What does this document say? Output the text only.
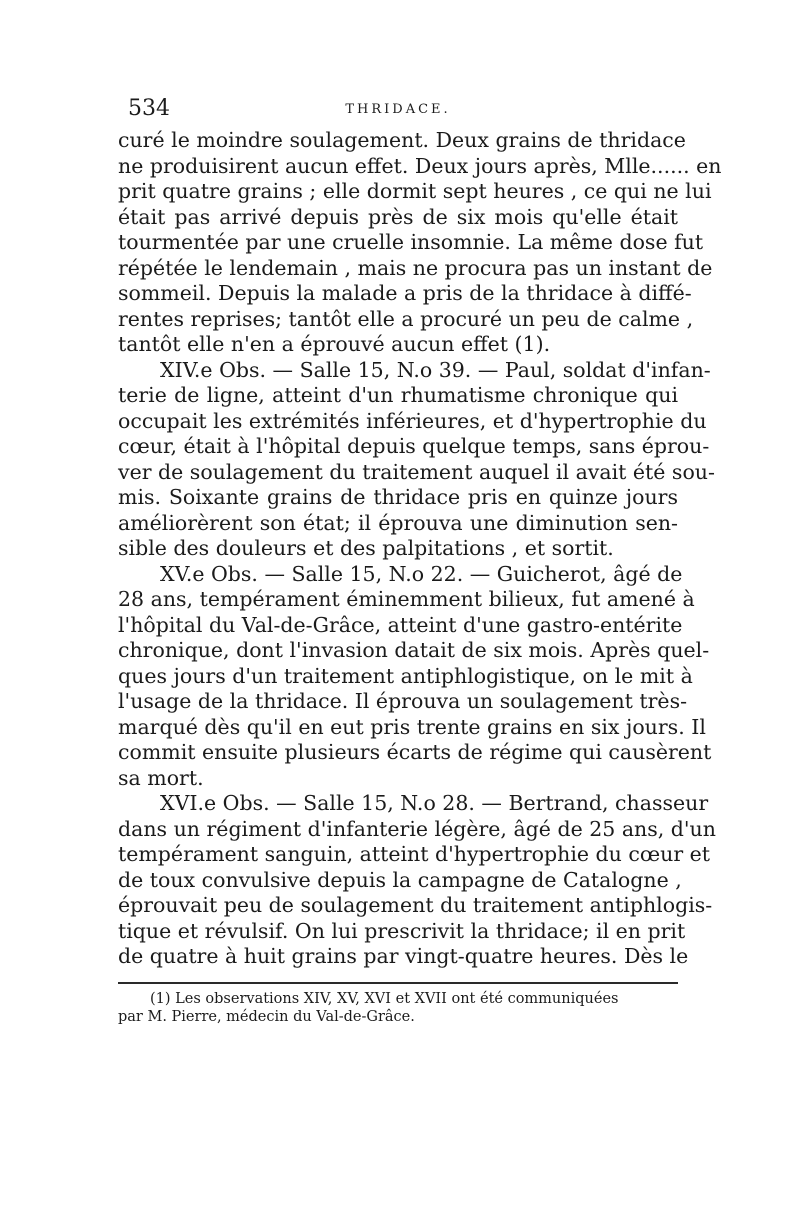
534	THRIDACE.
curé le moindre soulagement. Deux grains de thridace
ne produisirent aucun effet. Deux jours après, Mlle...... en
prit quatre grains ; elle dormit sept heures , ce qui ne lui
était pas arrivé depuis près de six mois qu'elle était
tourmentée par une cruelle insomnie. La même dose fut
répétée le lendemain , mais ne procura pas un instant de
sommeil. Depuis la malade a pris de la thridace à diffé-
rentes reprises; tantôt elle a procuré un peu de calme ,
tantôt elle n'en a éprouvé aucun effet (1).
XIV.e Obs. — Salle 15, N.o 39. — Paul, soldat d'infan-
terie de ligne, atteint d'un rhumatisme chronique qui
occupait les extrémités inférieures, et d'hypertrophie du
cœur, était à l'hôpital depuis quelque temps, sans éprou-
ver de soulagement du traitement auquel il avait été sou-
mis. Soixante grains de thridace pris en quinze jours
améliorèrent son état; il éprouva une diminution sen-
sible des douleurs et des palpitations , et sortit.
XV.e Obs. — Salle 15, N.o 22. — Guicherot, âgé de
28 ans, tempérament éminemment bilieux, fut amené à
l'hôpital du Val-de-Grâce, atteint d'une gastro-entérite
chronique, dont l'invasion datait de six mois. Après quel-
ques jours d'un traitement antiphlogistique, on le mit à
l'usage de la thridace. Il éprouva un soulagement très-
marqué dès qu'il en eut pris trente grains en six jours. Il
commit ensuite plusieurs écarts de régime qui causèrent
sa mort.
XVI.e Obs. — Salle 15, N.o 28. — Bertrand, chasseur
dans un régiment d'infanterie légère, âgé de 25 ans, d'un
tempérament sanguin, atteint d'hypertrophie du cœur et
de toux convulsive depuis la campagne de Catalogne ,
éprouvait peu de soulagement du traitement antiphlogis-
tique et révulsif. On lui prescrivit la thridace; il en prit
de quatre à huit grains par vingt-quatre heures. Dès le
(1) Les observations XIV, XV, XVI et XVII ont été communiquées
par M. Pierre, médecin du Val-de-Grâce.
